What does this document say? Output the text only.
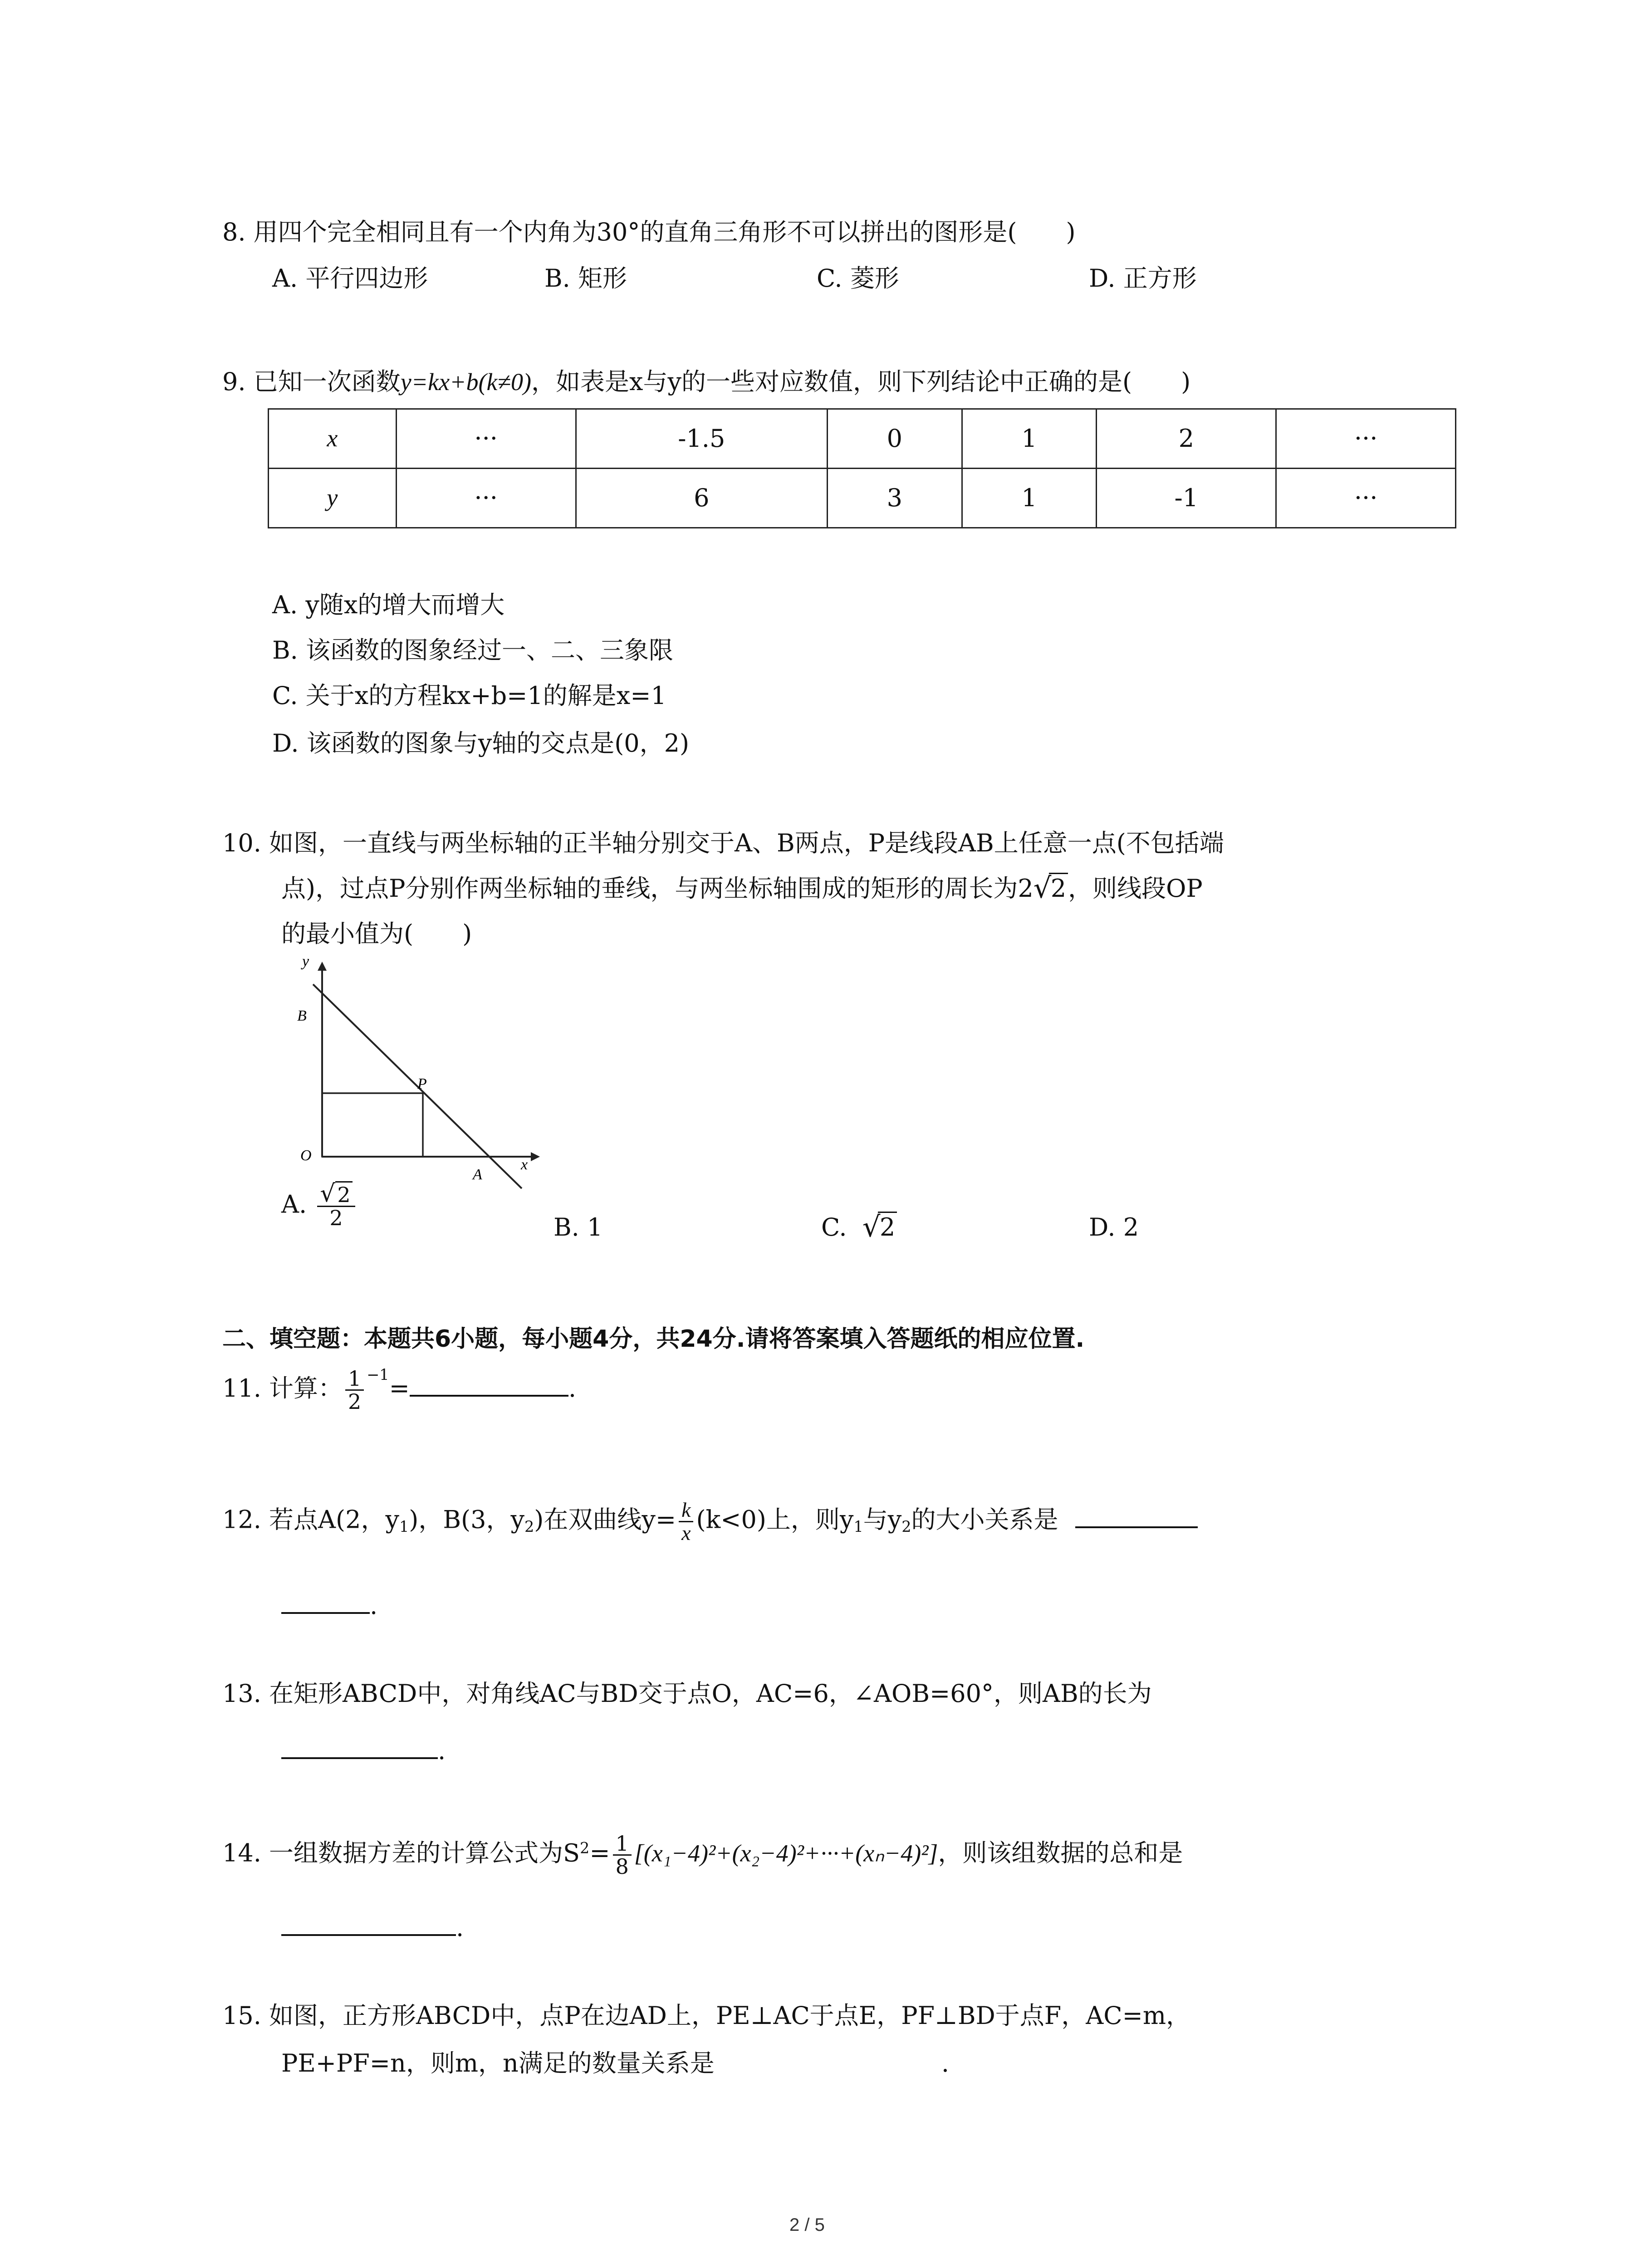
8. 用四个完全相同且有一个内角为30°的直角三角形不可以拼出的图形是(　　)
A. 平行四边形	B. 矩形	C. 菱形	D. 正方形
9. 已知一次函数y=kx+b(k≠0)，如表是x与y的一些对应数值，则下列结论中正确的是(　　)
x	···	-1.5	0	1	2	···
y	···	6	3	1	-1	···
A. y随x的增大而增大
B. 该函数的图象经过一、二、三象限
C. 关于x的方程kx+b=1的解是x=1
D. 该函数的图象与y轴的交点是(0，2)
10. 如图，一直线与两坐标轴的正半轴分别交于A、B两点，P是线段AB上任意一点(不包括端
点)，过点P分别作两坐标轴的垂线，与两坐标轴围成的矩形的周长为2 √
2，则线段OP
的最小值为(　　)
y
B
P
O
A
x
A. $\frac{√ 2}{2}$	B. 1	C. √
2	D. 2
二、填空题：本题共6小题，每小题4分，共24分.请将答案填入答题纸的相应位置.
11. 计算： $\frac{1}{2} ^{-1}=$	.
12. 若点A(2，$y_1$)，B(3，$y_2$)在双曲线$y= \frac{k}{x} (k<0)$上，则$y_1$与$y_2$的大小关系是
.
13. 在矩形ABCD中，对角线AC与BD交于点O，AC=6，∠AOB=60°，则AB的长为
.
14. 一组数据方差的计算公式为$S^2= \frac{1}{8} [(x_1-4)^2+(x_2-4)^2+\cdot\cdot\cdot+(x_n-4)^2]$，则该组数据的总和是
.
15. 如图，正方形ABCD中，点P在边AD上，PE⊥AC于点E，PF⊥BD于点F，AC=m，
PE+PF=n，则m，n满足的数量关系是	.
2 / 5
